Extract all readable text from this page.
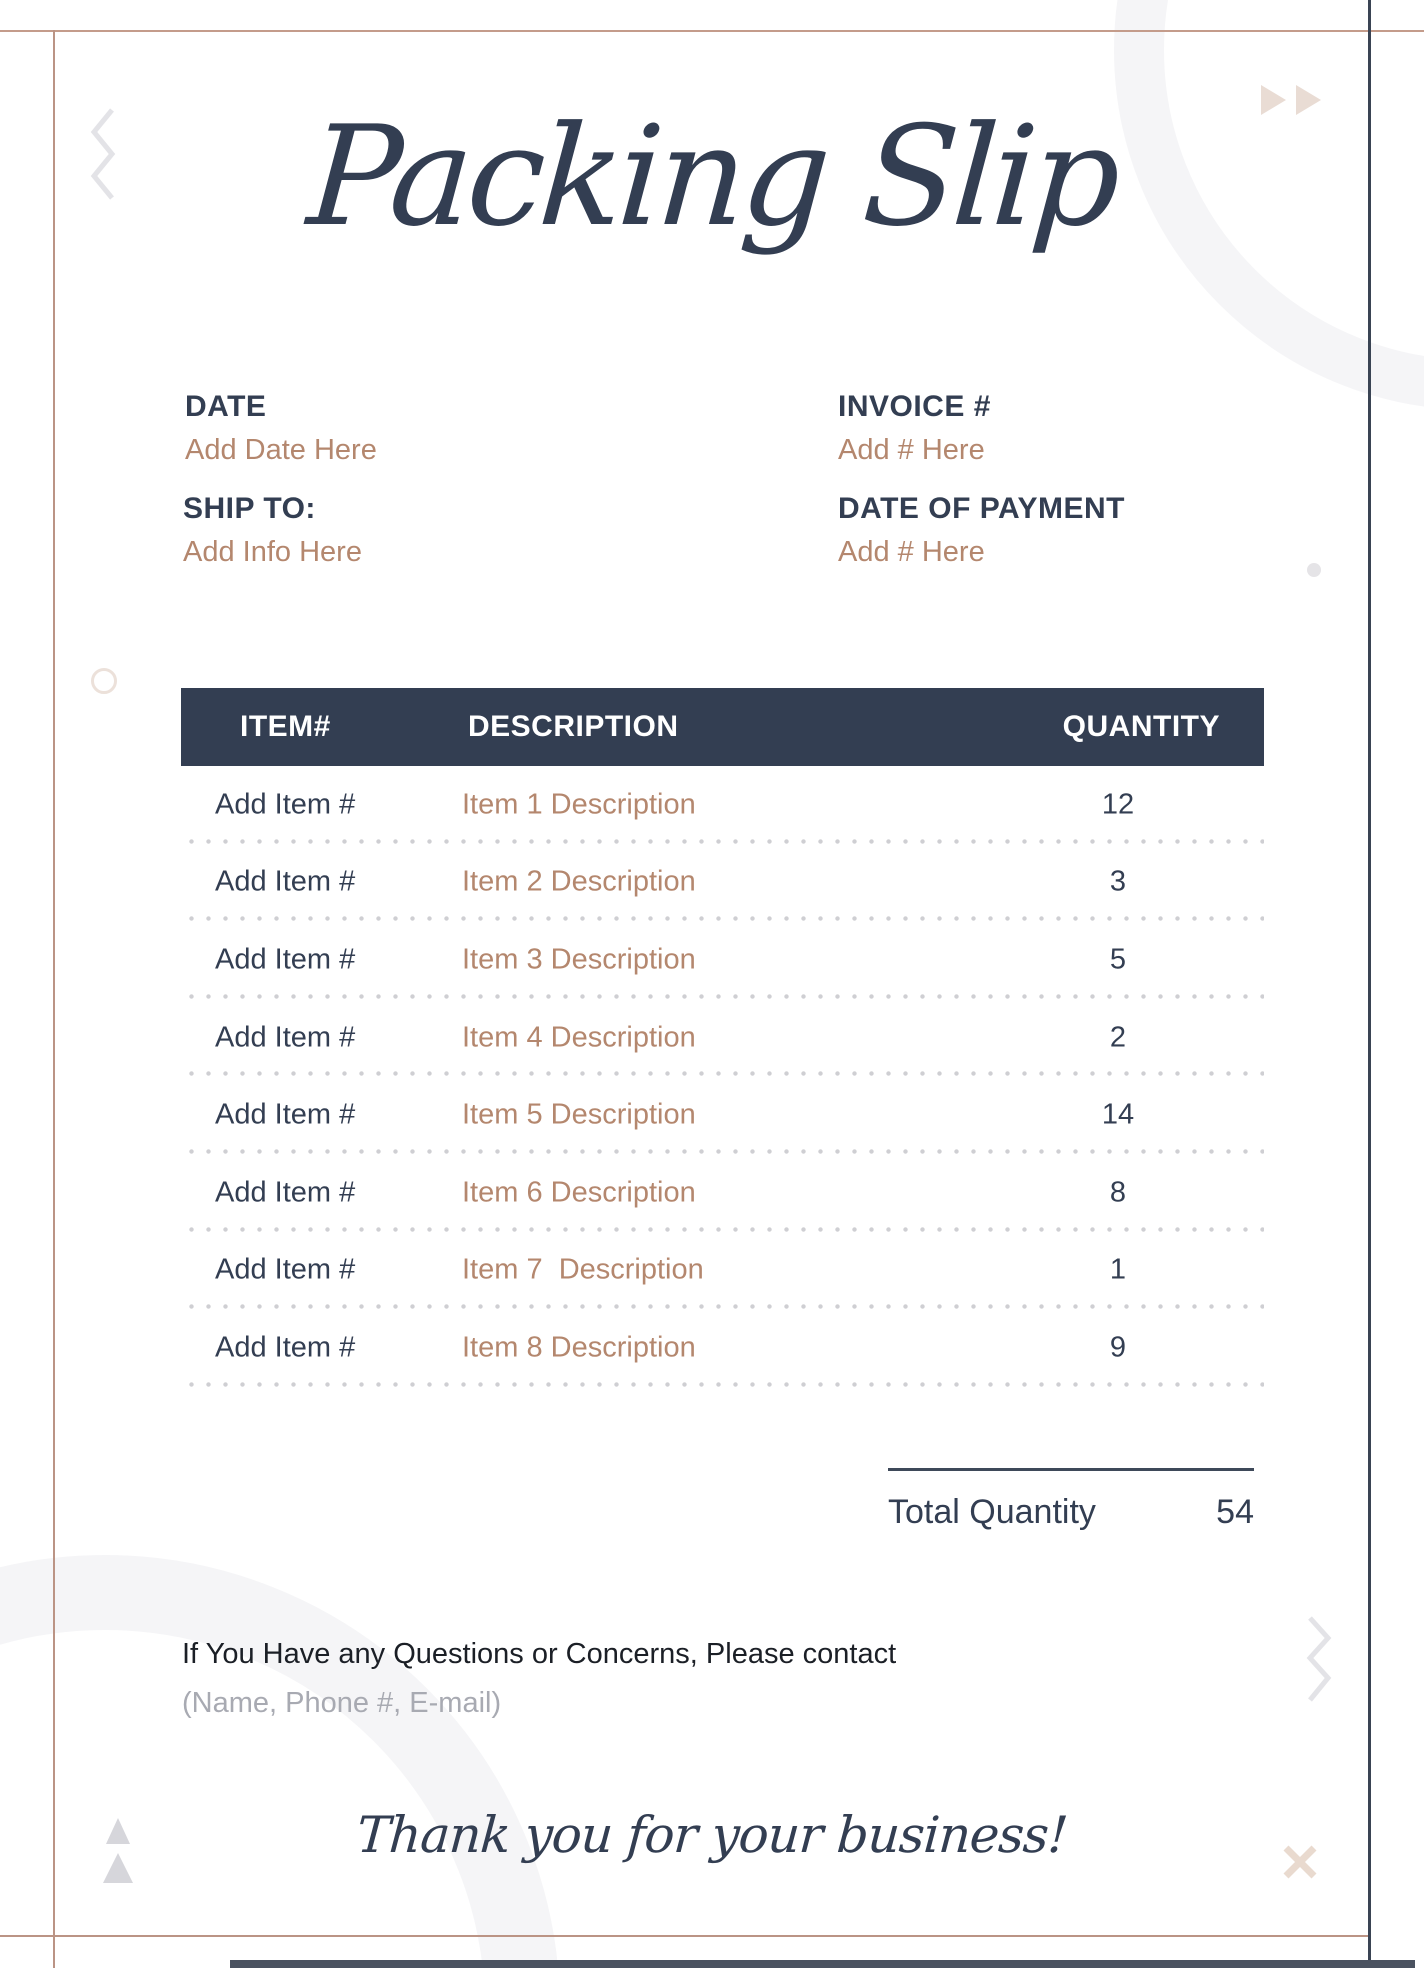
Packing Slip
DATE
Add Date Here
INVOICE #
Add # Here
SHIP TO:
Add Info Here
DATE OF PAYMENT
Add # Here
ITEM#	DESCRIPTION	QUANTITY
Add Item #	Item 1 Description	12
Add Item #	Item 2 Description	3
Add Item #	Item 3 Description	5
Add Item #	Item 4 Description	2
Add Item #	Item 5 Description	14
Add Item #	Item 6 Description	8
Add Item #	Item 7  Description	1
Add Item #	Item 8 Description	9
Total Quantity	54
If You Have any Questions or Concerns, Please contact
(Name, Phone #, E-mail)
Thank you for your business!
